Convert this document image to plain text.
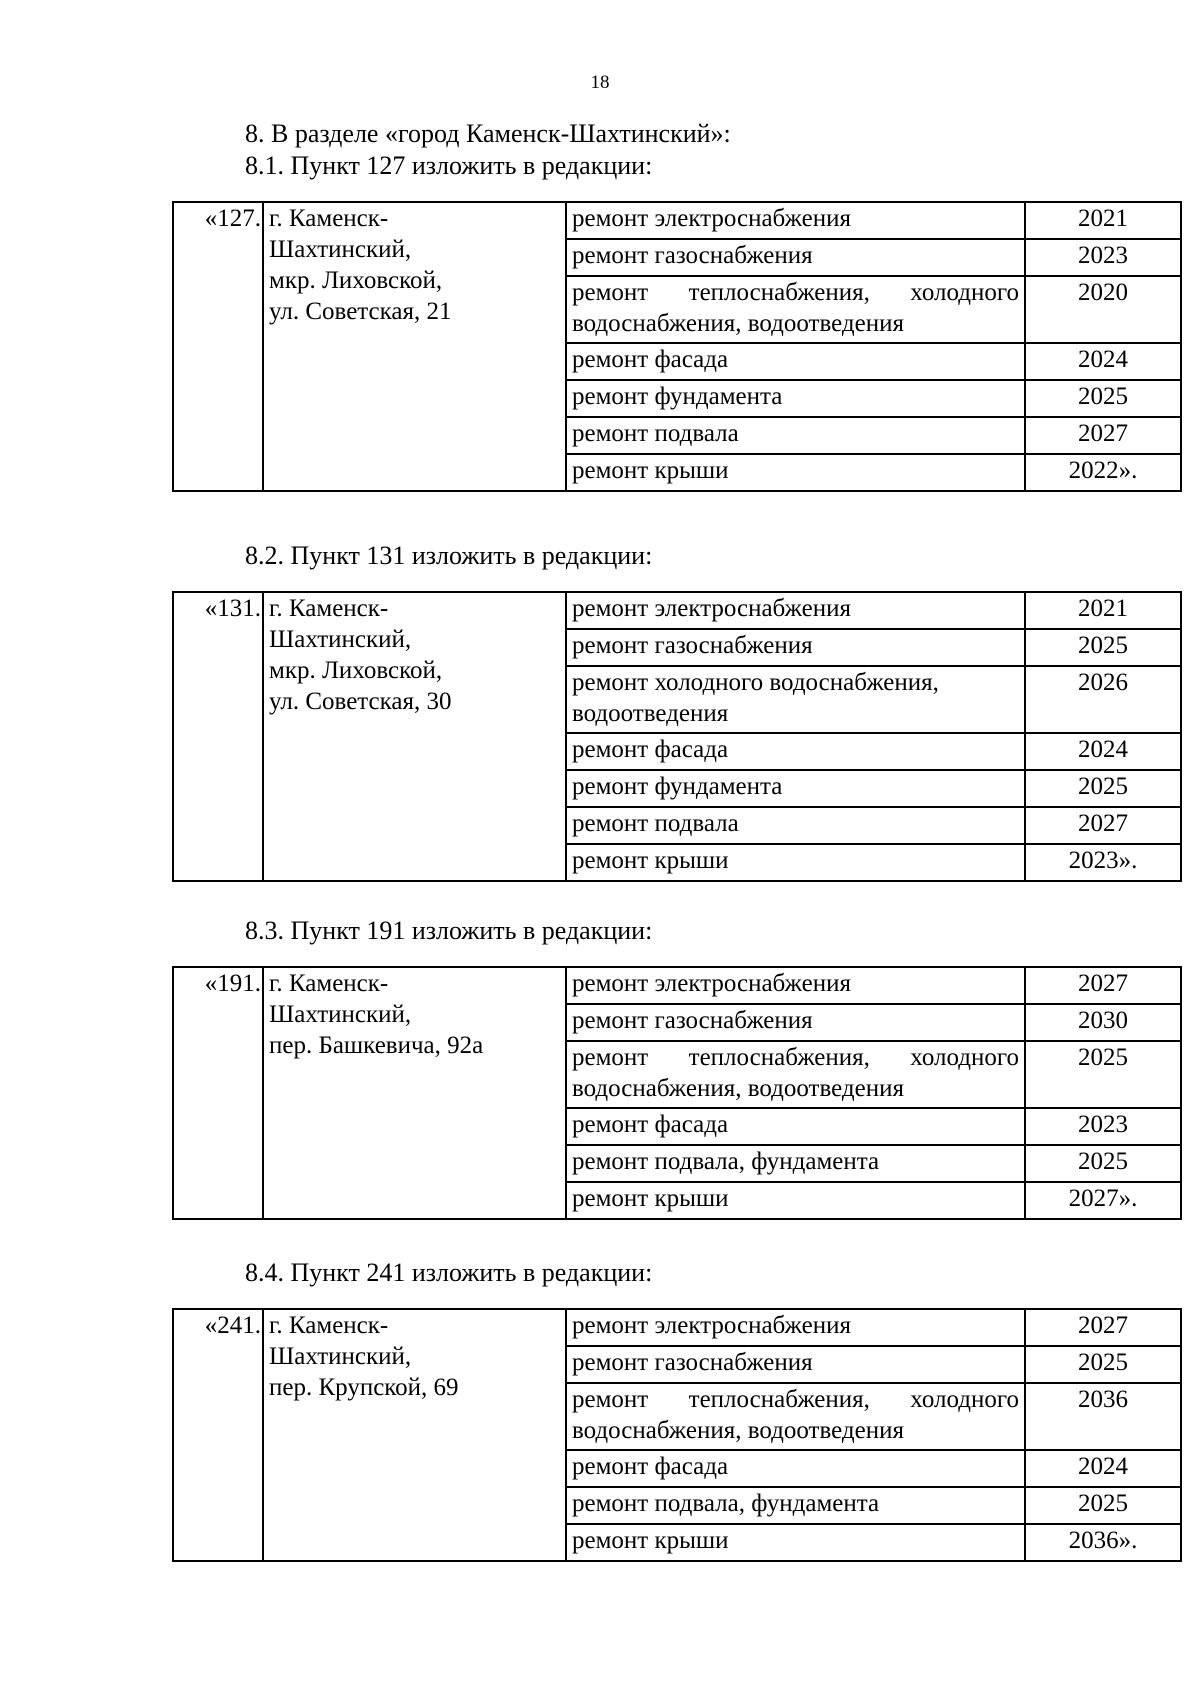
18
8. В разделе «город Каменск-Шахтинский»:
8.1. Пункт 127 изложить в редакции:
«127.	г. Каменск-
Шахтинский,
мкр. Лиховской,
ул. Советская, 21	ремонт электроснабжения	2021
		ремонт газоснабжения	2023
		ремонт теплоснабжения, холодного водоснабжения, водоотведения	2020
		ремонт фасада	2024
		ремонт фундамента	2025
		ремонт подвала	2027
		ремонт крыши	2022».
8.2. Пункт 131 изложить в редакции:
«131.	г. Каменск-
Шахтинский,
мкр. Лиховской,
ул. Советская, 30	ремонт электроснабжения	2021
		ремонт газоснабжения	2025
		ремонт холодного водоснабжения, водоотведения	2026
		ремонт фасада	2024
		ремонт фундамента	2025
		ремонт подвала	2027
		ремонт крыши	2023».
8.3. Пункт 191 изложить в редакции:
«191.	г. Каменск-
Шахтинский,
пер. Башкевича, 92а	ремонт электроснабжения	2027
		ремонт газоснабжения	2030
		ремонт теплоснабжения, холодного водоснабжения, водоотведения	2025
		ремонт фасада	2023
		ремонт подвала, фундамента	2025
		ремонт крыши	2027».
8.4. Пункт 241 изложить в редакции:
«241.	г. Каменск-
Шахтинский,
пер. Крупской, 69	ремонт электроснабжения	2027
		ремонт газоснабжения	2025
		ремонт теплоснабжения, холодного водоснабжения, водоотведения	2036
		ремонт фасада	2024
		ремонт подвала, фундамента	2025
		ремонт крыши	2036».
